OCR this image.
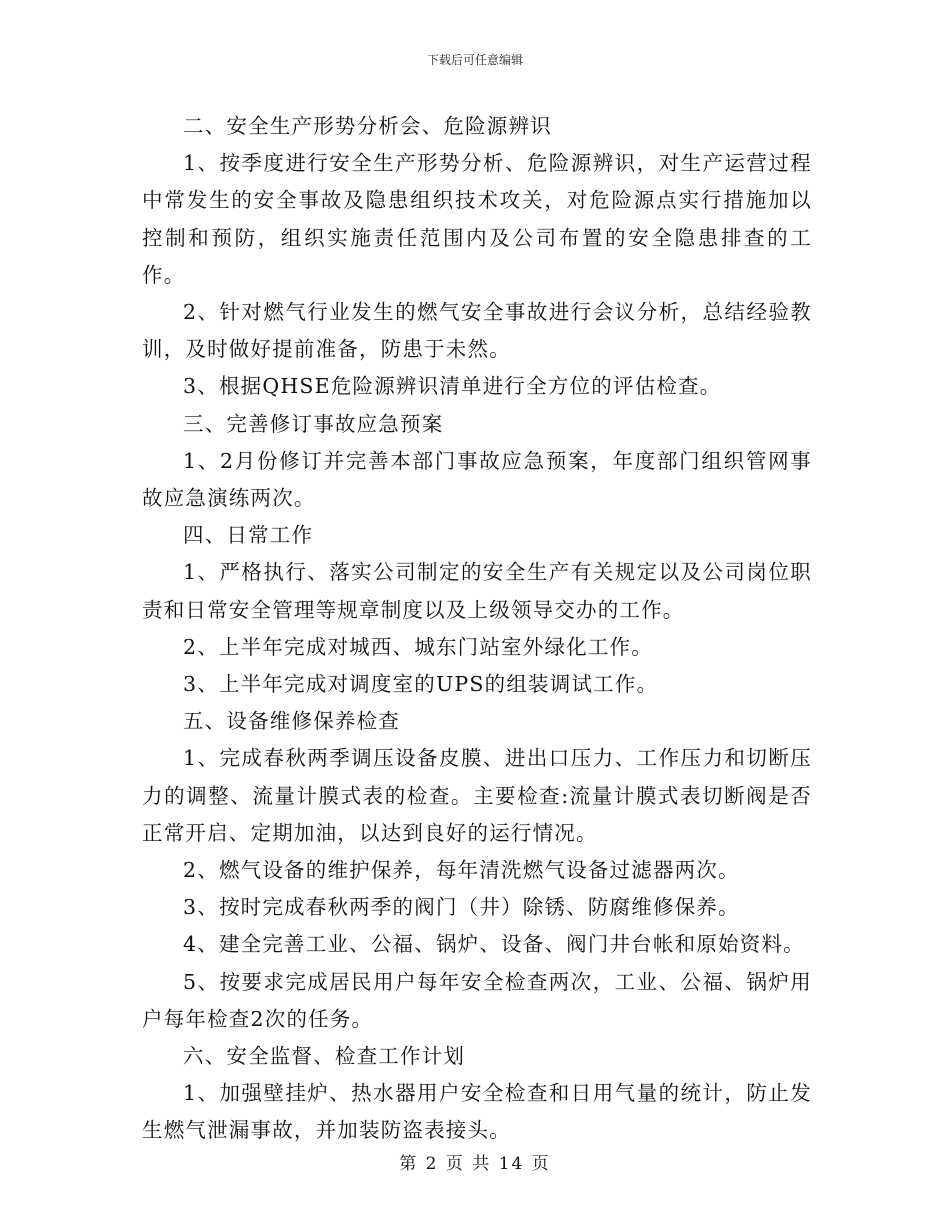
下载后可任意编辑

二、安全生产形势分析会、危险源辨识

1、按季度进行安全生产形势分析、危险源辨识，对生产运营过程中常发生的安全事故及隐患组织技术攻关，对危险源点实行措施加以控制和预防，组织实施责任范围内及公司布置的安全隐患排查的工作。

2、针对燃气行业发生的燃气安全事故进行会议分析，总结经验教训，及时做好提前准备，防患于未然。

3、根据QHSE危险源辨识清单进行全方位的评估检查。

三、完善修订事故应急预案

1、2月份修订并完善本部门事故应急预案，年度部门组织管网事故应急演练两次。

四、日常工作

1、严格执行、落实公司制定的安全生产有关规定以及公司岗位职责和日常安全管理等规章制度以及上级领导交办的工作。

2、上半年完成对城西、城东门站室外绿化工作。

3、上半年完成对调度室的UPS的组装调试工作。

五、设备维修保养检查

1、完成春秋两季调压设备皮膜、进出口压力、工作压力和切断压力的调整、流量计膜式表的检查。主要检查:流量计膜式表切断阀是否正常开启、定期加油，以达到良好的运行情况。

2、燃气设备的维护保养，每年清洗燃气设备过滤器两次。

3、按时完成春秋两季的阀门（井）除锈、防腐维修保养。

4、建全完善工业、公福、锅炉、设备、阀门井台帐和原始资料。

5、按要求完成居民用户每年安全检查两次，工业、公福、锅炉用户每年检查2次的任务。

六、安全监督、检查工作计划

1、加强壁挂炉、热水器用户安全检查和日用气量的统计，防止发生燃气泄漏事故，并加装防盗表接头。

第 2 页 共 14 页
